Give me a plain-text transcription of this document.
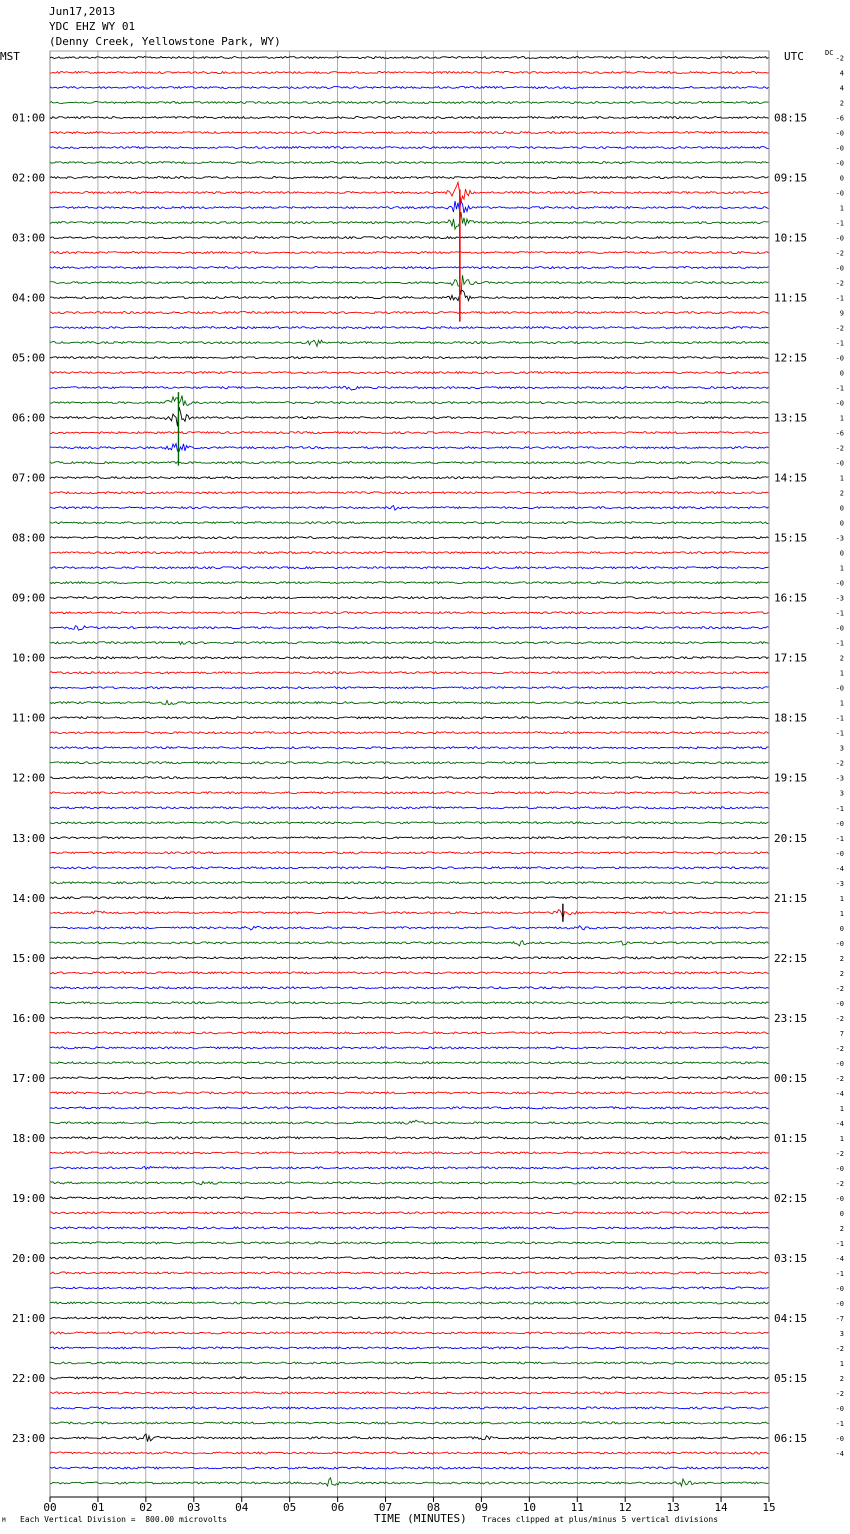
Jun17,2013
YDC EHZ WY 01
(Denny Creek, Yellowstone Park, WY)
01:00
02:00
03:00
04:00
05:00
06:00
07:00
08:00
09:00
10:00
11:00
12:00
13:00
14:00
15:00
16:00
17:00
18:00
19:00
20:00
21:00
22:00
23:00
08:15
09:15
10:15
11:15
12:15
13:15
14:15
15:15
16:15
17:15
18:15
19:15
20:15
21:15
22:15
23:15
00:15
01:15
02:15
03:15
04:15
05:15
06:15
-2
4
4
2
-6
-0
-0
-0
0
-0
1
-1
-0
-2
-0
-2
-1
9
-2
-1
-0
0
-1
-0
1
-6
-2
-0
1
2
0
0
-3
0
1
-0
-3
-1
-0
-1
2
1
-0
1
-1
-1
3
-2
-3
3
-1
-0
-1
-0
-4
-3
1
1
0
-0
2
2
-2
-0
-2
7
-2
-0
-2
-4
1
-4
1
-2
-0
-2
-0
0
2
-1
-4
-1
-0
-0
-7
3
-2
1
2
-2
-0
-1
-0
-4
00	01	02	03	04	05	06	07	08	09	10	11	12	13	14	15
MST	UTC	DC
M Each Vertical Division =  800.00 microvolts	TIME (MINUTES) Traces clipped at plus/minus 5 vertical divisions
